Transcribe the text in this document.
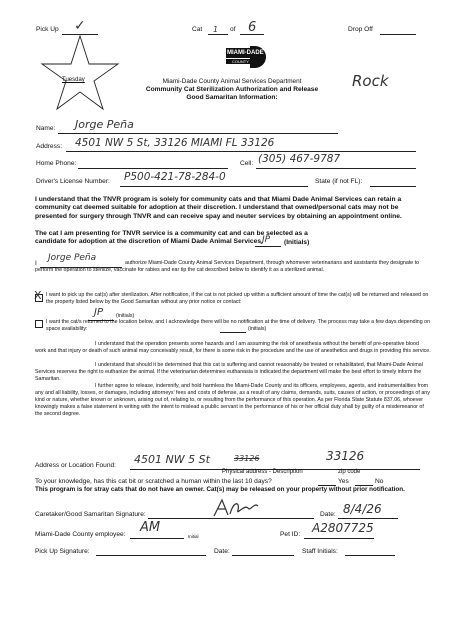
Pick Up ✓	Cat 1 of 6	Drop Off
Tuesday
MIAMI-DADE
COUNTY
Miami-Dade County Animal Services Department
Community Cat Sterilization Authorization and Release
Good Samaritan Information:
Rock
Name: Jorge Peña
Address: 4501 NW 5 St, 33126 MIAMI FL 33126
Home Phone:	Cell: (305) 467-9787
Driver's License Number: P500-421-78-284-0	State (if not FL):
I understand that the TNVR program is solely for community cats and that Miami Dade Animal Services can retain a community cat deemed suitable for adoption at their discretion. I understand that owned/personal cats may not be presented for surgery through TNVR and can receive spay and neuter services by obtaining an appointment online.
The cat I am presenting for TNVR service is a community cat and can be selected as a candidate for adoption at the discretion of Miami Dade Animal Services. JP (Initials)
I
Jorge Peña	authorize Miami-Dade County Animal Services Department, through whomever veterinarians and assistants they designate to perform the operation to sterilize, vaccinate for rabies and ear tip the cat described below to identify it as a sterilized animal.
X I want to pick up the cat(s) after sterilization. After notification, if the cat is not picked up within a sufficient amount of time the cat(s) will be returned and released on the property listed below by the Good Samaritan without any prior notice or contact:
JP (initials)
I want the cat/s returned to the location below, and I acknowledge there will be no notification at the time of delivery. The process may take a few days depending on space availability:	(initials)
I understand that the operation presents some hazards and I am assuming the risk of anesthesia without the benefit of pre-operative blood work and that injury or death of such animal may conceivably result, for there is some risk in the procedure and the use of anesthetics and drugs in providing this service.
I understand that should it be determined that this cat is suffering and cannot reasonably be treated or rehabilitated, that Miami-Dade Animal Services reserves the right to euthanize the animal. If the veterinarian determines euthanasia is indicated the department will make the best effort to timely inform the Samaritan.
I further agree to release, indemnify, and hold harmless the Miami-Dade County and its officers, employees, agents, and instrumentalities from any and all liability, losses, or damages, including attorneys' fees and costs of defense, as a result of any claims, demands, suits, causes of action, or proceedings of any kind or nature, whether known or unknown, arising out of, relating to, or resulting from the performance of this operation. As per Florida State Statute 837.06, whoever knowingly makes a false statement in writing with the intent to mislead a public servant in the performance of his or her official duty shall by guilty of a misdemeanor of the second degree.
Address or Location Found: 4501 NW 5 St	33126	33126
Physical address - Description	zip code
To your knowledge, has this cat bit or scratched a human within the last 10 days?	Yes	No
This program is for stray cats that do not have an owner. Cat(s) may be released on your property without prior notification.
Caretaker/Good Samaritan Signature:	Date: 8/4/26
Miami-Dade County employee: AM
Initial	Pet ID: A2807725
Pick Up Signature:	Date:	Staff Initials:
